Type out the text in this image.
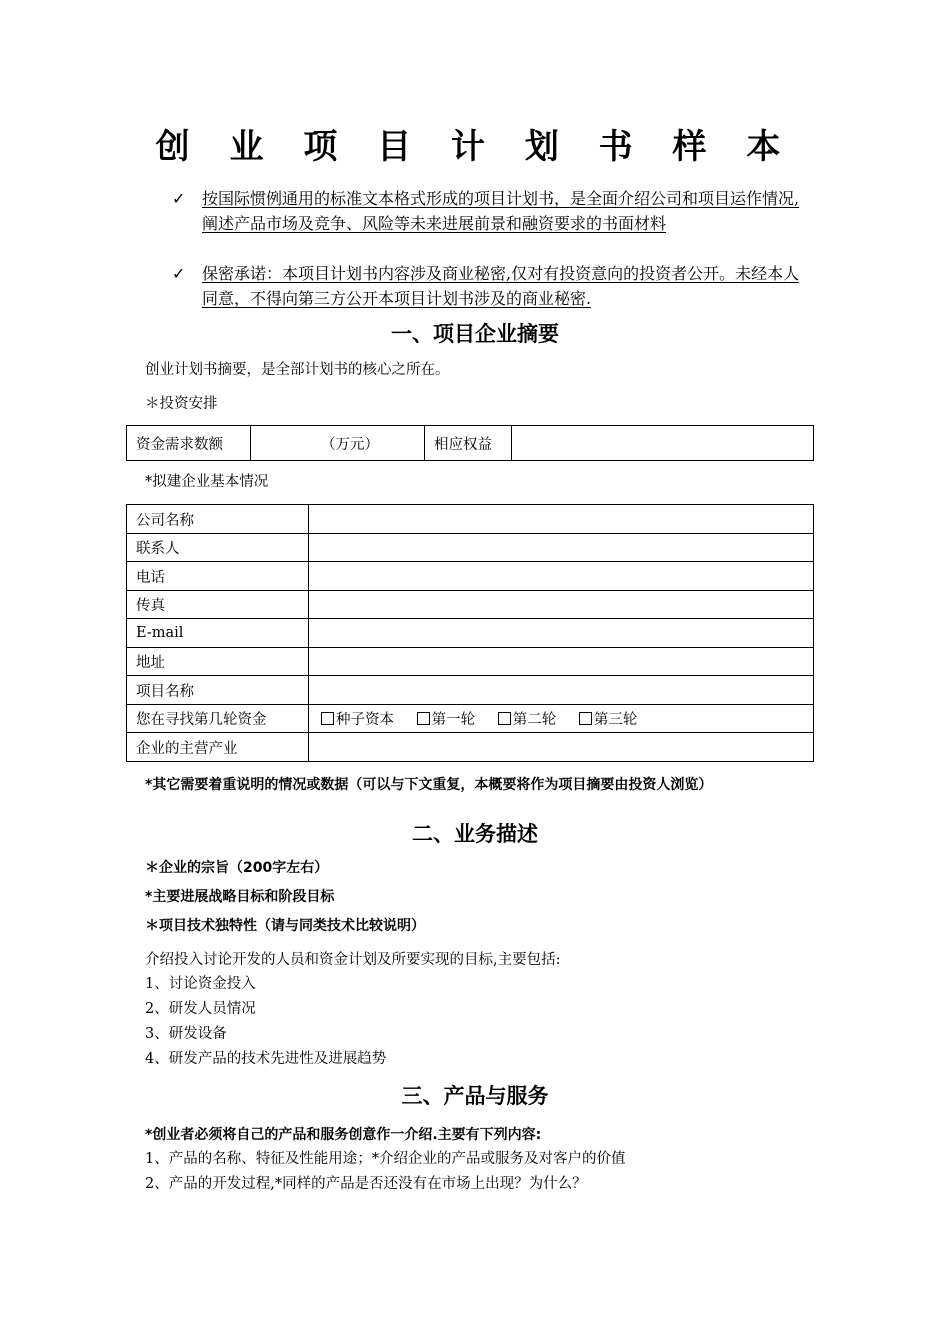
创 业 项 目 计 划 书 样 本
✓	按国际惯例通用的标准文本格式形成的项目计划书，是全面介绍公司和项目运作情况,阐述产品市场及竞争、风险等未来进展前景和融资要求的书面材料
✓	保密承诺：本项目计划书内容涉及商业秘密,仅对有投资意向的投资者公开。未经本人同意，不得向第三方公开本项目计划书涉及的商业秘密.
一、项目企业摘要
创业计划书摘要，是全部计划书的核心之所在。
＊投资安排
资金需求数额	（万元）	相应权益	
*拟建企业基本情况
公司名称	
联系人	
电话	
传真	
E-mail	
地址	
项目名称	
您在寻找第几轮资金	种子资本 第一轮 第二轮 第三轮
企业的主营产业	
*其它需要着重说明的情况或数据（可以与下文重复，本概要将作为项目摘要由投资人浏览）
二、业务描述
＊企业的宗旨（200字左右）
*主要进展战略目标和阶段目标
＊项目技术独特性（请与同类技术比较说明）
介绍投入讨论开发的人员和资金计划及所要实现的目标,主要包括:
1、讨论资金投入
2、研发人员情况
3、研发设备
4、研发产品的技术先进性及进展趋势
三、产品与服务
*创业者必须将自己的产品和服务创意作一介绍.主要有下列内容:
1、产品的名称、特征及性能用途；*介绍企业的产品或服务及对客户的价值
2、产品的开发过程,*同样的产品是否还没有在市场上出现？为什么？
